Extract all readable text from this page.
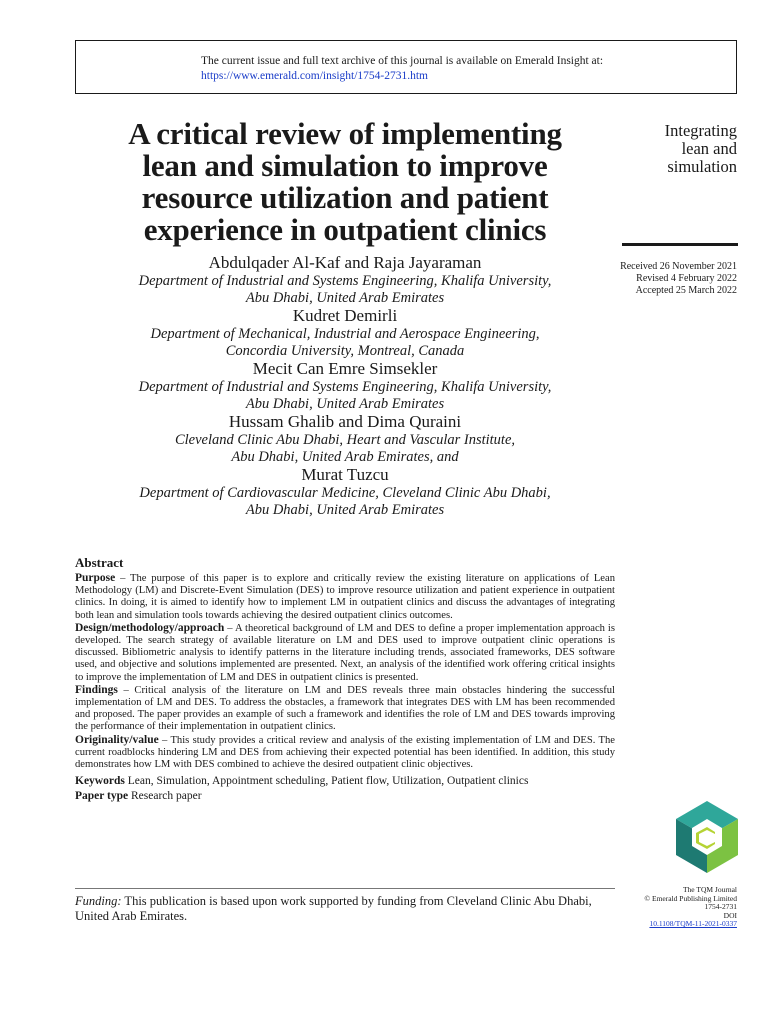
The current issue and full text archive of this journal is available on Emerald Insight at:
https://www.emerald.com/insight/1754-2731.htm
A critical review of implementing
lean and simulation to improve
resource utilization and patient
experience in outpatient clinics
Integrating
lean and
simulation
Received 26 November 2021
Revised 4 February 2022
Accepted 25 March 2022
Abdulqader Al-Kaf and Raja Jayaraman
Department of Industrial and Systems Engineering, Khalifa University,
Abu Dhabi, United Arab Emirates
Kudret Demirli
Department of Mechanical, Industrial and Aerospace Engineering,
Concordia University, Montreal, Canada
Mecit Can Emre Simsekler
Department of Industrial and Systems Engineering, Khalifa University,
Abu Dhabi, United Arab Emirates
Hussam Ghalib and Dima Quraini
Cleveland Clinic Abu Dhabi, Heart and Vascular Institute,
Abu Dhabi, United Arab Emirates, and
Murat Tuzcu
Department of Cardiovascular Medicine, Cleveland Clinic Abu Dhabi,
Abu Dhabi, United Arab Emirates
Abstract

Purpose – The purpose of this paper is to explore and critically review the existing literature on applications of Lean Methodology (LM) and Discrete-Event Simulation (DES) to improve resource utilization and patient experience in outpatient clinics. In doing, it is aimed to identify how to implement LM in outpatient clinics and discuss the advantages of integrating both lean and simulation tools towards achieving the desired outpatient clinics outcomes.

Design/methodology/approach – A theoretical background of LM and DES to define a proper implementation approach is developed. The search strategy of available literature on LM and DES used to improve outpatient clinic operations is discussed. Bibliometric analysis to identify patterns in the literature including trends, associated frameworks, DES software used, and objective and solutions implemented are presented. Next, an analysis of the identified work offering critical insights to improve the implementation of LM and DES in outpatient clinics is presented.

Findings – Critical analysis of the literature on LM and DES reveals three main obstacles hindering the successful implementation of LM and DES. To address the obstacles, a framework that integrates DES with LM has been recommended and proposed. The paper provides an example of such a framework and identifies the role of LM and DES towards improving the performance of their implementation in outpatient clinics.

Originality/value – This study provides a critical review and analysis of the existing implementation of LM and DES. The current roadblocks hindering LM and DES from achieving their expected potential has been identified. In addition, this study demonstrates how LM with DES combined to achieve the desired outpatient clinic objectives.

Keywords Lean, Simulation, Appointment scheduling, Patient flow, Utilization, Outpatient clinics

Paper type Research paper

Funding: This publication is based upon work supported by funding from Cleveland Clinic Abu Dhabi, United Arab Emirates.
The TQM Journal
© Emerald Publishing Limited
1754-2731
DOI
10.1108/TQM-11-2021-0337
